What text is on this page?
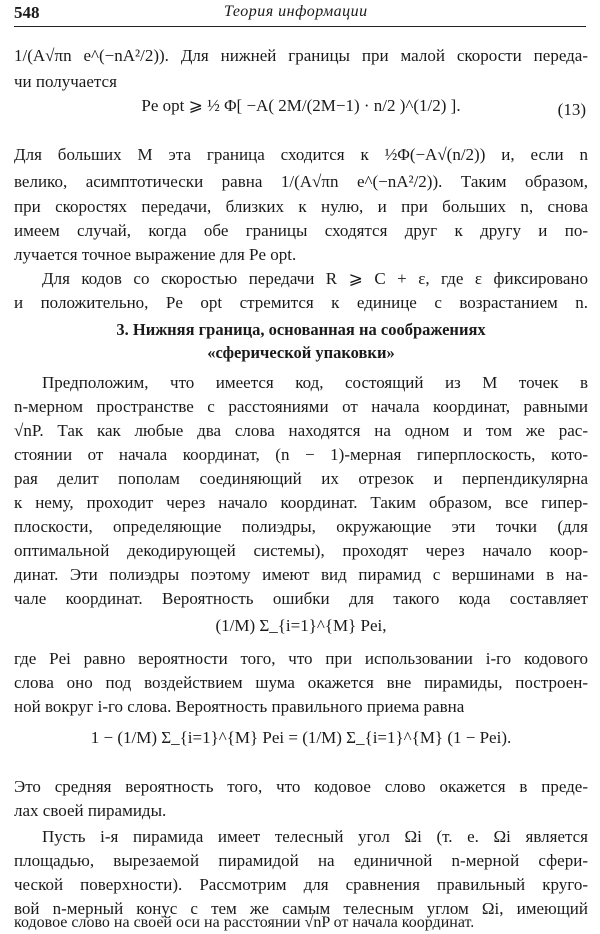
548	Теория информации
1/(A√πn e^(−nA²/2)). Для нижней границы при малой скорости переда-
чи получается
Pe opt ⩾ ½ Φ[ −A( 2M/(2M−1) · n/2 )^(1/2) ].	(13)
Для больших M эта граница сходится к ½Φ(−A√(n/2)) и, если n
велико, асимптотически равна 1/(A√πn e^(−nA²/2)). Таким образом,
при скоростях передачи, близких к нулю, и при больших n, снова
имеем случай, когда обе границы сходятся друг к другу и по-
лучается точное выражение для Pe opt.
Для кодов со скоростью передачи R ⩾ C + ε, где ε фиксировано
и положительно, Pe opt стремится к единице с возрастанием n.
3. Нижняя граница, основанная на соображениях
«сферической упаковки»
Предположим, что имеется код, состоящий из M точек в
n-мерном пространстве с расстояниями от начала координат, равными
√nP. Так как любые два слова находятся на одном и том же рас-
стоянии от начала координат, (n − 1)-мерная гиперплоскость, кото-
рая делит пополам соединяющий их отрезок и перпендикулярна
к нему, проходит через начало координат. Таким образом, все гипер-
плоскости, определяющие полиэдры, окружающие эти точки (для
оптимальной декодирующей системы), проходят через начало коор-
динат. Эти полиэдры поэтому имеют вид пирамид с вершинами в на-
чале координат. Вероятность ошибки для такого кода составляет
(1/M) Σ_{i=1}^{M} Pei,
где Pei равно вероятности того, что при использовании i-го кодового
слова оно под воздействием шума окажется вне пирамиды, построен-
ной вокруг i-го слова. Вероятность правильного приема равна
1 − (1/M) Σ_{i=1}^{M} Pei = (1/M) Σ_{i=1}^{M} (1 − Pei).
Это средняя вероятность того, что кодовое слово окажется в преде-
лах своей пирамиды.
Пусть i-я пирамида имеет телесный угол Ωi (т. е. Ωi является
площадью, вырезаемой пирамидой на единичной n-мерной сфери-
ческой поверхности). Рассмотрим для сравнения правильный круго-
вой n-мерный конус с тем же самым телесным углом Ωi, имеющий
кодовое слово на своей оси на расстоянии √nP от начала координат.
